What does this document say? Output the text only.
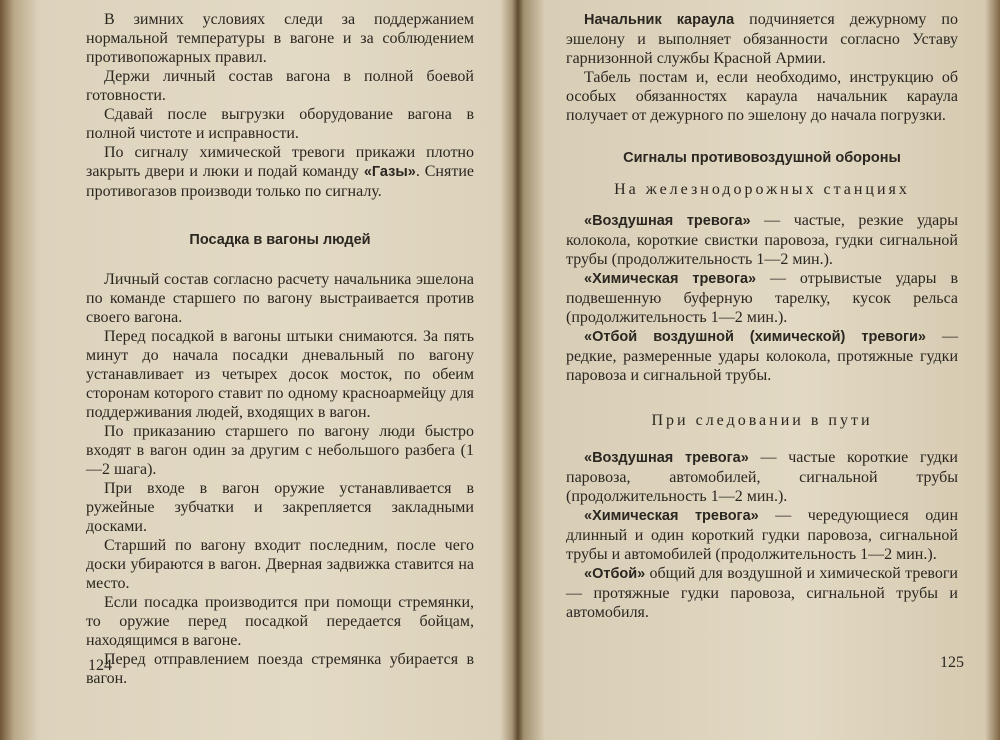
В зимних условиях следи за поддержанием нормальной температуры в вагоне и за соблюдением противопожарных правил.

Держи личный состав вагона в полной боевой готовности.

Сдавай после выгрузки оборудование вагона в полной чистоте и исправности.

По сигналу химической тревоги прикажи плотно закрыть двери и люки и подай команду «Газы». Снятие противогазов производи только по сигналу.

Посадка в вагоны людей

Личный состав согласно расчету начальника эшелона по команде старшего по вагону выстраивается против своего вагона.

Перед посадкой в вагоны штыки снимаются. За пять минут до начала посадки дневальный по вагону устанавливает из четырех досок мосток, по обеим сторонам которого ставит по одному красноармейцу для поддерживания людей, входящих в вагон.

По приказанию старшего по вагону люди быстро входят в вагон один за другим с небольшого разбега (1—2 шага).

При входе в вагон оружие устанавливается в ружейные зубчатки и закрепляется закладными досками.

Старший по вагону входит последним, после чего доски убираются в вагон. Дверная задвижка ставится на место.

Если посадка производится при помощи стремянки, то оружие перед посадкой передается бойцам, находящимся в вагоне.

Перед отправлением поезда стремянка убирается в вагон.

124

Начальник караула подчиняется дежурному по эшелону и выполняет обязанности согласно Уставу гарнизонной службы Красной Армии.

Табель постам и, если необходимо, инструкцию об особых обязанностях караула начальник караула получает от дежурного по эшелону до начала погрузки.

Сигналы противовоздушной обороны
На железнодорожных станциях

«Воздушная тревога» — частые, резкие удары колокола, короткие свистки паровоза, гудки сигнальной трубы (продолжительность 1—2 мин.).

«Химическая тревога» — отрывистые удары в подвешенную буферную тарелку, кусок рельса (продолжительность 1—2 мин.).

«Отбой воздушной (химической) тревоги» — редкие, размеренные удары колокола, протяжные гудки паровоза и сигнальной трубы.

При следовании в пути

«Воздушная тревога» — частые короткие гудки паровоза, автомобилей, сигнальной трубы (продолжительность 1—2 мин.).

«Химическая тревога» — чередующиеся один длинный и один короткий гудки паровоза, сигнальной трубы и автомобилей (продолжительность 1—2 мин.).

«Отбой» общий для воздушной и химической тревоги — протяжные гудки паровоза, сигнальной трубы и автомобиля.

125
